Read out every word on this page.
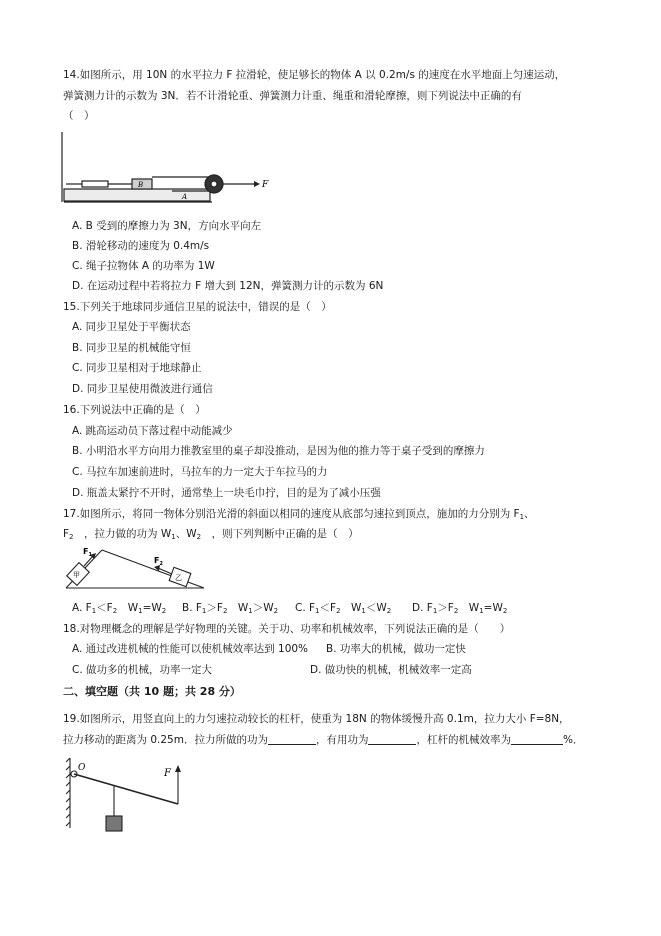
14.如图所示，用 10N 的水平拉力 F 拉滑轮，使足够长的物体 A 以 0.2m/s 的速度在水平地面上匀速运动，
弹簧测力计的示数为 3N．若不计滑轮重、弹簧测力计重、绳重和滑轮摩擦，则下列说法中正确的有
（　）
B
A
F
A. B 受到的摩擦力为 3N，方向水平向左
B. 滑轮移动的速度为 0.4m/s
C. 绳子拉物体 A 的功率为 1W
D. 在运动过程中若将拉力 F 增大到 12N，弹簧测力计的示数为 6N
15.下列关于地球同步通信卫星的说法中，错误的是（　）
A. 同步卫星处于平衡状态
B. 同步卫星的机械能守恒
C. 同步卫星相对于地球静止
D. 同步卫星使用微波进行通信
16.下列说法中正确的是（　）
A. 跳高运动员下落过程中动能减少
B. 小明沿水平方向用力推教室里的桌子却没推动，是因为他的推力等于桌子受到的摩擦力
C. 马拉车加速前进时，马拉车的力一定大于车拉马的力
D. 瓶盖太紧拧不开时，通常垫上一块毛巾拧，目的是为了减小压强
17.如图所示，将同一物体分别沿光滑的斜面以相同的速度从底部匀速拉到顶点，施加的力分别为 $F_1$、
$F_2$　 ，拉力做的功为 $W_1$、$W_2$　 ，则下列判断中正确的是（　）
$F_1$
$F_2$
甲	乙
A. $F_1<F_2$　$W_1=W_2$ B. $F_1>F_2$　$W_1>W_2$ C. $F_1<F_2$　$W_1<W_2$ D. $F_1>F_2$　$W_1=W_2$
18.对物理概念的理解是学好物理的关键。关于功、功率和机械效率，下列说法正确的是（　　）
A. 通过改进机械的性能可以使机械效率达到 100% B. 功率大的机械，做功一定快
C. 做功多的机械，功率一定大	D. 做功快的机械，机械效率一定高
二、填空题（共 10 题；共 28 分）
19.如图所示，用竖直向上的力匀速拉动较长的杠杆，使重为 18N 的物体缓慢升高 0.1m，拉力大小 F=8N，
拉力移动的距离为 0.25m．拉力所做的功为	，有用功为	，杠杆的机械效率为	%．
O	F
